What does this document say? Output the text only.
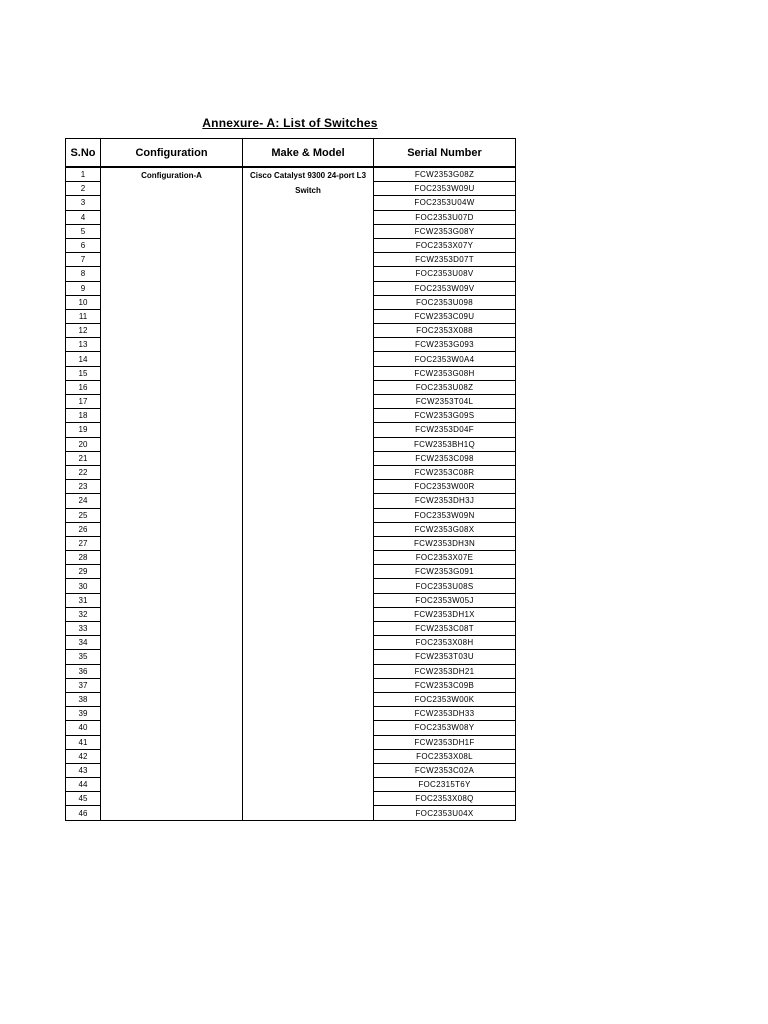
Annexure- A: List of Switches
S.No	Configuration	Make & Model	Serial Number
1	Configuration-A	Cisco Catalyst 9300 24-port L3 Switch	FCW2353G08Z
2			FOC2353W09U
3			FOC2353U04W
4			FOC2353U07D
5			FCW2353G08Y
6			FOC2353X07Y
7			FCW2353D07T
8			FOC2353U08V
9			FOC2353W09V
10			FOC2353U098
11			FCW2353C09U
12			FOC2353X088
13			FCW2353G093
14			FOC2353W0A4
15			FCW2353G08H
16			FOC2353U08Z
17			FCW2353T04L
18			FCW2353G09S
19			FCW2353D04F
20			FCW2353BH1Q
21			FCW2353C098
22			FCW2353C08R
23			FOC2353W00R
24			FCW2353DH3J
25			FOC2353W09N
26			FCW2353G08X
27			FCW2353DH3N
28			FOC2353X07E
29			FCW2353G091
30			FOC2353U08S
31			FOC2353W05J
32			FCW2353DH1X
33			FCW2353C08T
34			FOC2353X08H
35			FCW2353T03U
36			FCW2353DH21
37			FCW2353C09B
38			FOC2353W00K
39			FCW2353DH33
40			FOC2353W08Y
41			FCW2353DH1F
42			FOC2353X08L
43			FCW2353C02A
44			FOC2315T6Y
45			FOC2353X08Q
46			FOC2353U04X
